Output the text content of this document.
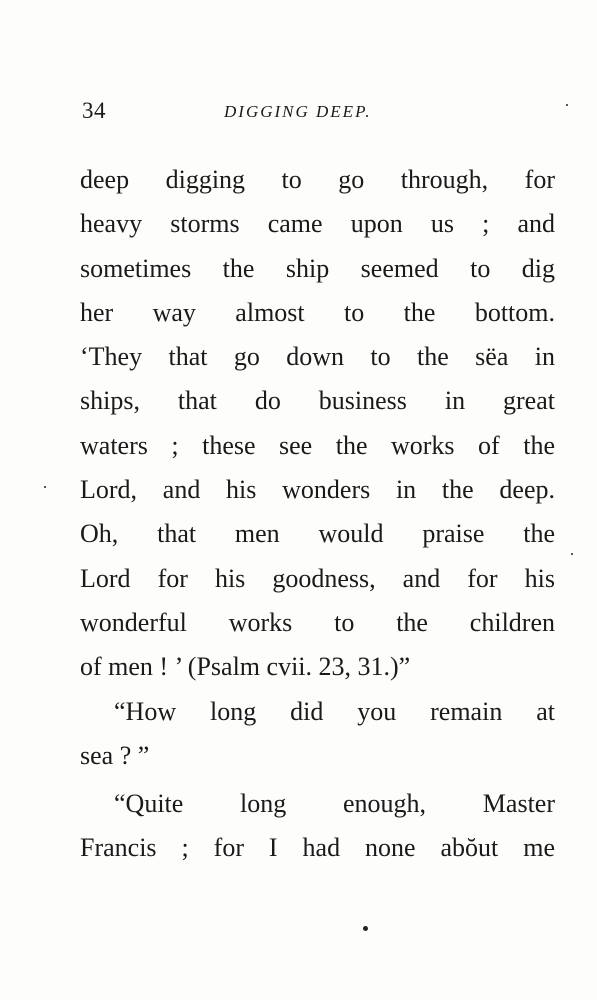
34	DIGGING DEEP.
deep digging to go through, for
heavy storms came upon us ; and
sometimes the ship seemed to dig
her way almost to the bottom.
‘They that go down to the sëa in
ships, that do business in great
waters ; these see the works of the
Lord, and his wonders in the deep.
Oh, that men would praise the
Lord for his goodness, and for his
wonderful works to the children
of men ! ’ (Psalm cvii. 23, 31.)”
“How long did you remain at
sea ? ”
“Quite long enough, Master
Francis ; for I had none abŏut me
